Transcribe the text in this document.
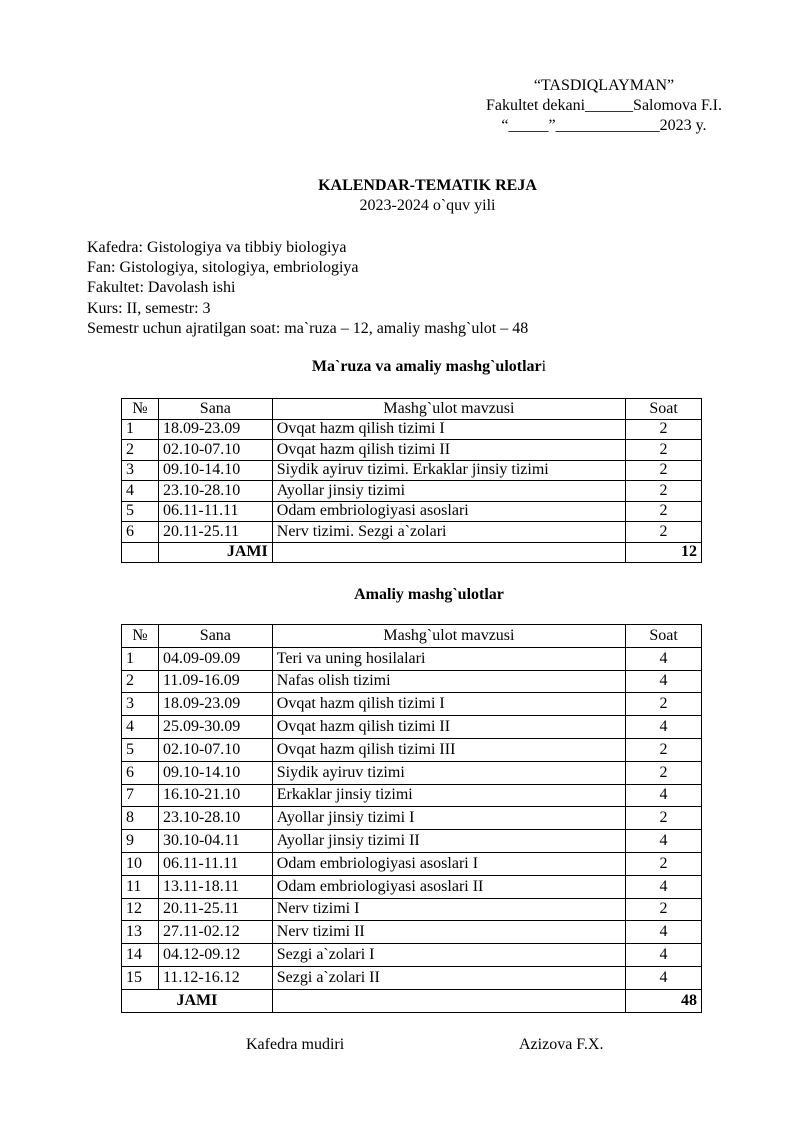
“TASDIQLAYMAN”
Fakultet dekani______Salomova F.I.
“_____”_____________2023 y.
KALENDAR-TEMATIK REJA
2023-2024 o`quv yili
Kafedra: Gistologiya va tibbiy biologiya
Fan: Gistologiya, sitologiya, embriologiya
Fakultet: Davolash ishi
Kurs: II, semestr: 3
Semestr uchun ajratilgan soat: ma`ruza – 12, amaliy mashg`ulot – 48
Ma`ruza va amaliy mashg`ulotlari
№	Sana	Mashg`ulot mavzusi	Soat
1	18.09-23.09	Ovqat hazm qilish tizimi I	2
2	02.10-07.10	Ovqat hazm qilish tizimi II	2
3	09.10-14.10	Siydik ayiruv tizimi. Erkaklar jinsiy tizimi	2
4	23.10-28.10	Ayollar jinsiy tizimi	2
5	06.11-11.11	Odam embriologiyasi asoslari	2
6	20.11-25.11	Nerv tizimi. Sezgi a`zolari	2
	JAMI		12
Amaliy mashg`ulotlar
№	Sana	Mashg`ulot mavzusi	Soat
1	04.09-09.09	Teri va uning hosilalari	4
2	11.09-16.09	Nafas olish tizimi	4
3	18.09-23.09	Ovqat hazm qilish tizimi I	2
4	25.09-30.09	Ovqat hazm qilish tizimi II	4
5	02.10-07.10	Ovqat hazm qilish tizimi III	2
6	09.10-14.10	Siydik ayiruv tizimi	2
7	16.10-21.10	Erkaklar jinsiy tizimi	4
8	23.10-28.10	Ayollar jinsiy tizimi I	2
9	30.10-04.11	Ayollar jinsiy tizimi II	4
10	06.11-11.11	Odam embriologiyasi asoslari I	2
11	13.11-18.11	Odam embriologiyasi asoslari II	4
12	20.11-25.11	Nerv tizimi I	2
13	27.11-02.12	Nerv tizimi II	4
14	04.12-09.12	Sezgi a`zolari I	4
15	11.12-16.12	Sezgi a`zolari II	4
JAMI			48
Kafedra mudiri	Azizova F.X.
